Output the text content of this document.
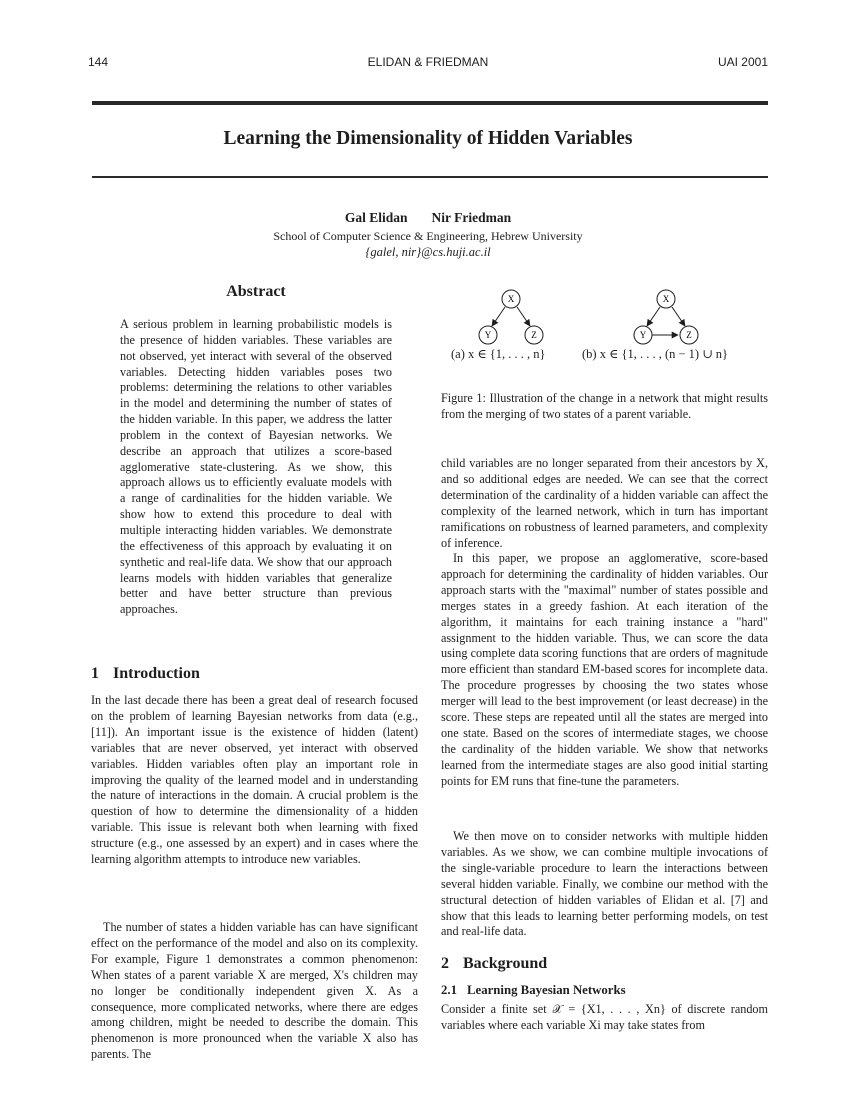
144	ELIDAN & FRIEDMAN	UAI 2001
Learning the Dimensionality of Hidden Variables
Gal Elidan Nir Friedman
School of Computer Science & Engineering, Hebrew University
{galel, nir}@cs.huji.ac.il
Abstract

A serious problem in learning probabilistic models is the presence of hidden variables. These variables are not observed, yet interact with several of the observed variables. Detecting hidden variables poses two problems: determining the relations to other variables in the model and determining the number of states of the hidden variable. In this paper, we address the latter problem in the context of Bayesian networks. We describe an approach that utilizes a score-based agglomerative state-clustering. As we show, this approach allows us to efficiently evaluate models with a range of cardinalities for the hidden variable. We show how to extend this procedure to deal with multiple interacting hidden variables. We demonstrate the effectiveness of this approach by evaluating it on synthetic and real-life data. We show that our approach learns models with hidden variables that generalize better and have better structure than previous approaches.

1 Introduction

In the last decade there has been a great deal of research focused on the problem of learning Bayesian networks from data (e.g., [11]). An important issue is the existence of hidden (latent) variables that are never observed, yet interact with observed variables. Hidden variables often play an important role in improving the quality of the learned model and in understanding the nature of interactions in the domain. A crucial problem is the question of how to determine the dimensionality of a hidden variable. This issue is relevant both when learning with fixed structure (e.g., one assessed by an expert) and in cases where the learning algorithm attempts to introduce new variables.

The number of states a hidden variable has can have significant effect on the performance of the model and also on its complexity. For example, Figure 1 demonstrates a common phenomenon: When states of a parent variable X are merged, X's children may no longer be conditionally independent given X. As a consequence, more complicated networks, where there are edges among children, might be needed to describe the domain. This phenomenon is more pronounced when the variable X also has parents. The

X
Y	Z
X
Y	Z
(a) x ∈ {1, . . . , n}	(b) x ∈ {1, . . . , (n − 1) ∪ n}

Figure 1: Illustration of the change in a network that might results from the merging of two states of a parent variable.

child variables are no longer separated from their ancestors by X, and so additional edges are needed. We can see that the correct determination of the cardinality of a hidden variable can affect the complexity of the learned network, which in turn has important ramifications on robustness of learned parameters, and complexity of inference.

In this paper, we propose an agglomerative, score-based approach for determining the cardinality of hidden variables. Our approach starts with the "maximal" number of states possible and merges states in a greedy fashion. At each iteration of the algorithm, it maintains for each training instance a "hard" assignment to the hidden variable. Thus, we can score the data using complete data scoring functions that are orders of magnitude more efficient than standard EM-based scores for incomplete data. The procedure progresses by choosing the two states whose merger will lead to the best improvement (or least decrease) in the score. These steps are repeated until all the states are merged into one state. Based on the scores of intermediate stages, we choose the cardinality of the hidden variable. We show that networks learned from the intermediate stages are also good initial starting points for EM runs that fine-tune the parameters.

We then move on to consider networks with multiple hidden variables. As we show, we can combine multiple invocations of the single-variable procedure to learn the interactions between several hidden variable. Finally, we combine our method with the structural detection of hidden variables of Elidan et al. [7] and show that this leads to learning better performing models, on test and real-life data.

2 Background
2.1 Learning Bayesian Networks

Consider a finite set 𝒳 = {X1, . . . , Xn} of discrete random variables where each variable Xi may take states from
